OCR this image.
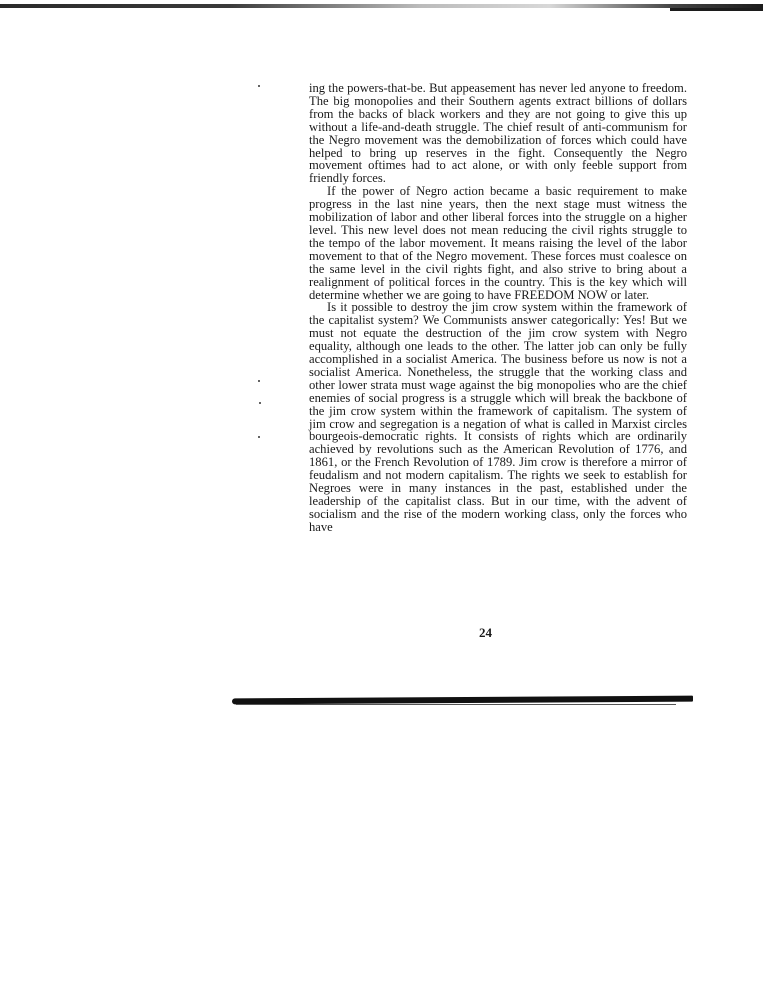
ing the powers-that-be. But appeasement has never led anyone to freedom. The big monopolies and their Southern agents extract billions of dollars from the backs of black workers and they are not going to give this up without a life-and-death struggle. The chief result of anti-communism for the Negro movement was the demobilization of forces which could have helped to bring up reserves in the fight. Consequently the Negro movement oftimes had to act alone, or with only feeble support from friendly forces.

If the power of Negro action became a basic requirement to make progress in the last nine years, then the next stage must witness the mobilization of labor and other liberal forces into the struggle on a higher level. This new level does not mean reducing the civil rights struggle to the tempo of the labor movement. It means raising the level of the labor movement to that of the Negro movement. These forces must coalesce on the same level in the civil rights fight, and also strive to bring about a realignment of political forces in the country. This is the key which will determine whether we are going to have FREEDOM NOW or later.

Is it possible to destroy the jim crow system within the framework of the capitalist system? We Communists answer categorically: Yes! But we must not equate the destruction of the jim crow system with Negro equality, although one leads to the other. The latter job can only be fully accomplished in a socialist America. The business before us now is not a socialist America. Nonetheless, the struggle that the working class and other lower strata must wage against the big monopolies who are the chief enemies of social progress is a struggle which will break the backbone of the jim crow system within the framework of capitalism. The system of jim crow and segregation is a negation of what is called in Marxist circles bourgeois-democratic rights. It consists of rights which are ordinarily achieved by revolutions such as the American Revolution of 1776, and 1861, or the French Revolution of 1789. Jim crow is therefore a mirror of feudalism and not modern capitalism. The rights we seek to establish for Negroes were in many instances in the past, established under the leadership of the capitalist class. But in our time, with the advent of socialism and the rise of the modern working class, only the forces who have

24
